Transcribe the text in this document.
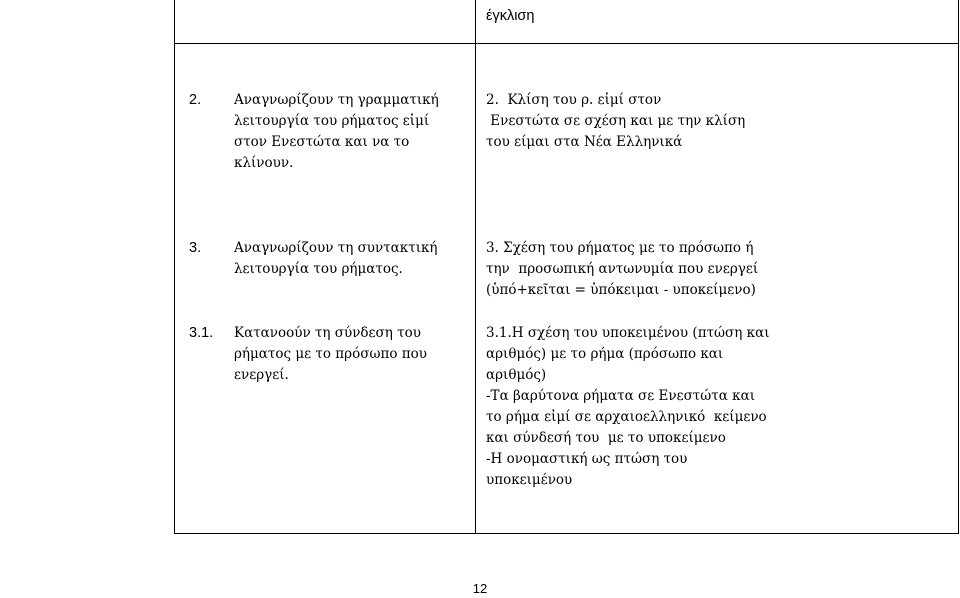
έγκλιση
2. Αναγνωρίζουν τη γραμματική
λειτουργία του ρήματος εἰμί
στον Ενεστώτα και να το
κλίνουν.
2.  Κλίση του ρ. εἰμί στον
Ενεστώτα σε σχέση και με την κλίση
του είμαι στα Νέα Ελληνικά
3. Αναγνωρίζουν τη συντακτική
λειτουργία του ρήματος.
3. Σχέση του ρήματος με το πρόσωπο ή
την  προσωπική αντωνυμία που ενεργεί
(ὑπό+κεῖται = ὑπόκειμαι - υποκείμενο)
3.1. Κατανοούν τη σύνδεση του
ρήματος με το πρόσωπο που
ενεργεί.
3.1.Η σχέση του υποκειμένου (πτώση και
αριθμός) με το ρήμα (πρόσωπο και
αριθμός)
-Τα βαρύτονα ρήματα σε Ενεστώτα και
το ρήμα εἰμί σε αρχαιοελληνικό  κείμενο
και σύνδεσή του  με το υποκείμενο
-Η ονομαστική ως πτώση του
υποκειμένου
12
